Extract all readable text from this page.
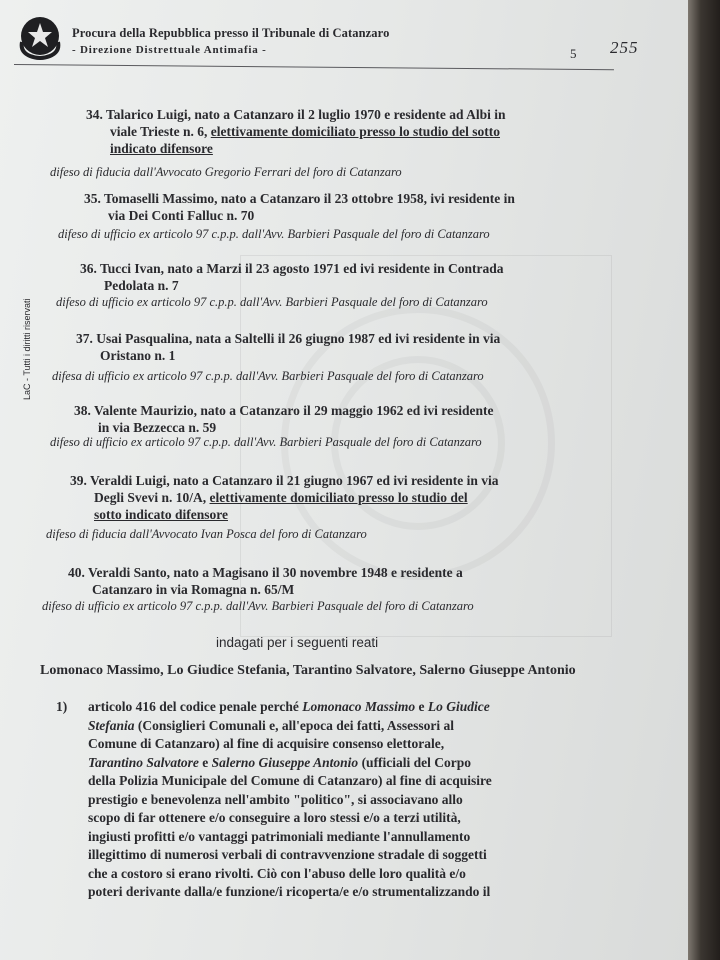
Procura della Repubblica presso il Tribunale di Catanzaro
- Direzione Distrettuale Antimafia -	5 255
LaC - Tutti i diritti riservati
34. Talarico Luigi, nato a Catanzaro il 2 luglio 1970 e residente ad Albi in
viale Trieste n. 6, elettivamente domiciliato presso lo studio del sotto
indicato difensore
difeso di fiducia dall'Avvocato Gregorio Ferrari del foro di Catanzaro
35. Tomaselli Massimo, nato a Catanzaro il 23 ottobre 1958, ivi residente in
via Dei Conti Falluc n. 70
difeso di ufficio ex articolo 97 c.p.p. dall'Avv. Barbieri Pasquale del foro di Catanzaro
36. Tucci Ivan, nato a Marzi il 23 agosto 1971 ed ivi residente in Contrada
Pedolata n. 7
difeso di ufficio ex articolo 97 c.p.p. dall'Avv. Barbieri Pasquale del foro di Catanzaro
37. Usai Pasqualina, nata a Saltelli il 26 giugno 1987 ed ivi residente in via
Oristano n. 1
difesa di ufficio ex articolo 97 c.p.p. dall'Avv. Barbieri Pasquale del foro di Catanzaro
38. Valente Maurizio, nato a Catanzaro il 29 maggio 1962 ed ivi residente
in via Bezzecca n. 59
difeso di ufficio ex articolo 97 c.p.p. dall'Avv. Barbieri Pasquale del foro di Catanzaro
39. Veraldi Luigi, nato a Catanzaro il 21 giugno 1967 ed ivi residente in via
Degli Svevi n. 10/A, elettivamente domiciliato presso lo studio del
sotto indicato difensore
difeso di fiducia dall'Avvocato Ivan Posca del foro di Catanzaro
40. Veraldi Santo, nato a Magisano il 30 novembre 1948 e residente a
Catanzaro in via Romagna n. 65/M
difeso di ufficio ex articolo 97 c.p.p. dall'Avv. Barbieri Pasquale del foro di Catanzaro
indagati per i seguenti reati
Lomonaco Massimo, Lo Giudice Stefania, Tarantino Salvatore, Salerno Giuseppe Antonio
1)	articolo 416 del codice penale perché Lomonaco Massimo e Lo Giudice
Stefania (Consiglieri Comunali e, all'epoca dei fatti, Assessori al
Comune di Catanzaro) al fine di acquisire consenso elettorale,
Tarantino Salvatore e Salerno Giuseppe Antonio (ufficiali del Corpo
della Polizia Municipale del Comune di Catanzaro) al fine di acquisire
prestigio e benevolenza nell'ambito "politico", si associavano allo
scopo di far ottenere e/o conseguire a loro stessi e/o a terzi utilità,
ingiusti profitti e/o vantaggi patrimoniali mediante l'annullamento
illegittimo di numerosi verbali di contravvenzione stradale di soggetti
che a costoro si erano rivolti. Ciò con l'abuso delle loro qualità e/o
poteri derivante dalla/e funzione/i ricoperta/e e/o strumentalizzando il
